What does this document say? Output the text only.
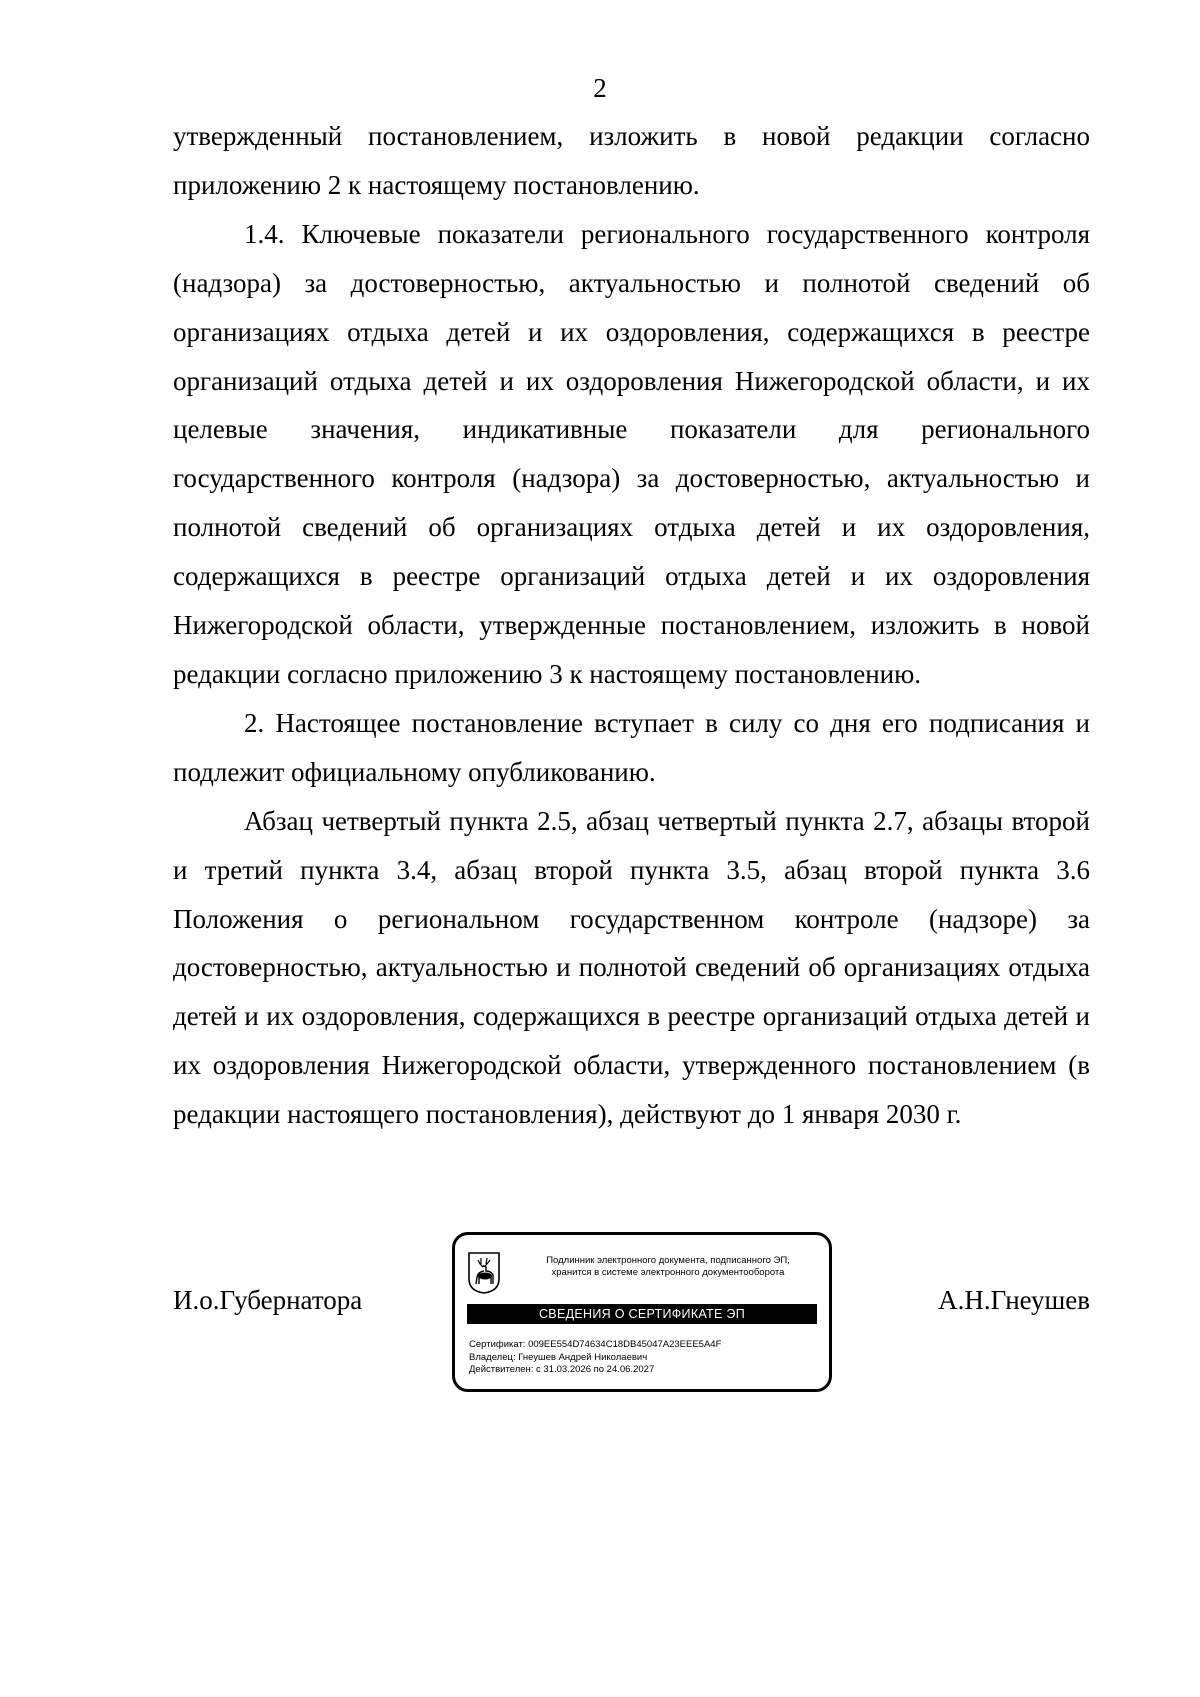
2

утвержденный постановлением, изложить в новой редакции согласно приложению 2 к настоящему постановлению.

1.4. Ключевые показатели регионального государственного контроля (надзора) за достоверностью, актуальностью и полнотой сведений об организациях отдыха детей и их оздоровления, содержащихся в реестре организаций отдыха детей и их оздоровления Нижегородской области, и их целевые значения, индикативные показатели для регионального государственного контроля (надзора) за достоверностью, актуальностью и полнотой сведений об организациях отдыха детей и их оздоровления, содержащихся в реестре организаций отдыха детей и их оздоровления Нижегородской области, утвержденные постановлением, изложить в новой редакции согласно приложению 3 к настоящему постановлению.

2. Настоящее постановление вступает в силу со дня его подписания и подлежит официальному опубликованию.

Абзац четвертый пункта 2.5, абзац четвертый пункта 2.7, абзацы второй и третий пункта 3.4, абзац второй пункта 3.5, абзац второй пункта 3.6 Положения о региональном государственном контроле (надзоре) за достоверностью, актуальностью и полнотой сведений об организациях отдыха детей и их оздоровления, содержащихся в реестре организаций отдыха детей и их оздоровления Нижегородской области, утвержденного постановлением (в редакции настоящего постановления), действуют до 1 января 2030 г.

И.о.Губернатора
Подлинник электронного документа, подписанного ЭП,
хранится в системе электронного документооборота
СВЕДЕНИЯ О СЕРТИФИКАТЕ ЭП
Сертификат: 009EE554D74634C18DB45047A23EEE5A4F
Владелец: Гнеушев Андрей Николаевич
Действителен: с 31.03.2026 по 24.06.2027
А.Н.Гнеушев
